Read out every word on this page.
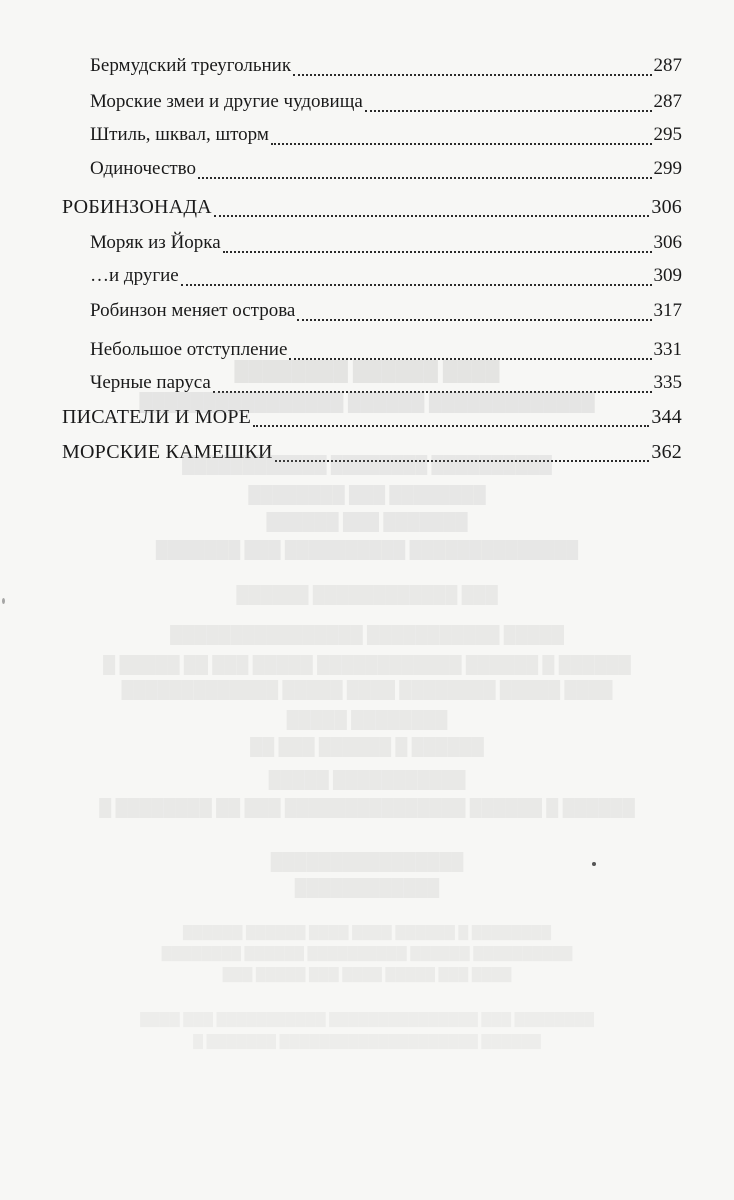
Бермудский треугольник	287
Морские змеи и другие чудовища	287
Штиль, шквал, шторм	295
Одиночество	299
РОБИНЗОНАДА	306
Моряк из Йорка	306
…и другие	309
Робинзон меняет острова	317
Небольшое отступление	331
Черные паруса	335
ПИСАТЕЛИ И МОРЕ	344
МОРСКИЕ КАМЕШКИ	362
████ ██████ ████████
█████████████ ██████ ████████████████
██████████ ████████ ████████████
████████ ███ ████████
███████ ███ ██████
██████████████ ██████████ ███ ███████
███ ████████████ ██████
█████ ███████████ ████████████████
██████ █ ██████ ████████████ █████ ███ ██ █████ █
████ █████ ████████ ████ █████ █████████████
████████ █████
██████ █ ██████ ███ ██
███████████ █████
██████ █ ██████ ███████████████ ███ ██ ████████ █
████████████████
████████████
████████ █ ██████ ████ ████ ██████ ██████
██████████ ██████ ██████████ ██████ ████████
████ ███ █████ ████ ███ █████ ███
████████ ███ ███████████████ ███████████ ███ ████
██████ ████████████████████ ███████ █
